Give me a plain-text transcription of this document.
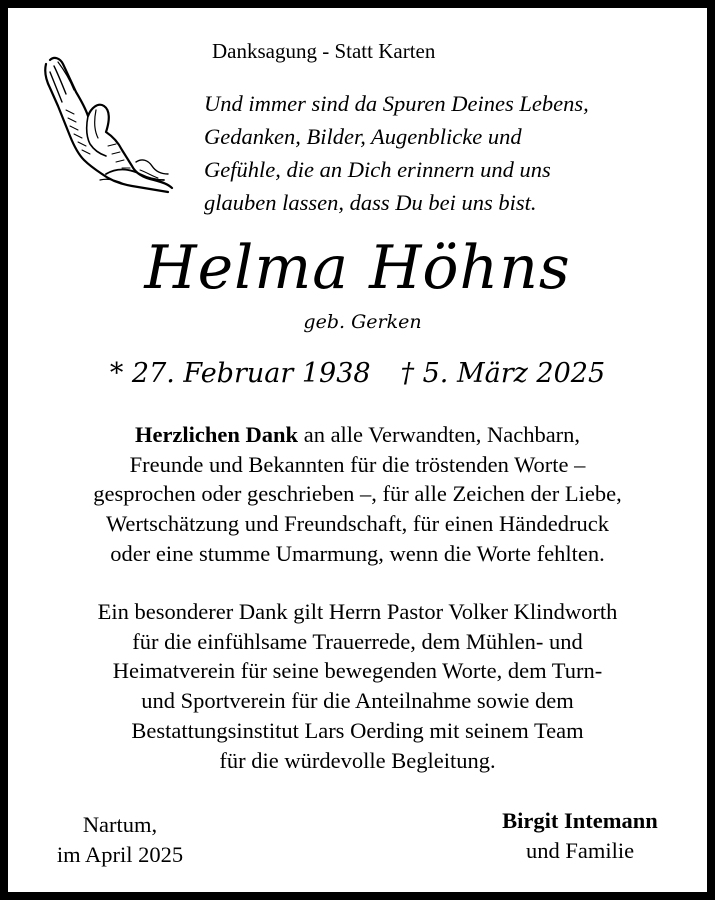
Danksagung - Statt Karten
Und immer sind da Spuren Deines Lebens,
Gedanken, Bilder, Augenblicke und
Gefühle, die an Dich erinnern und uns
glauben lassen, dass Du bei uns bist.
Helma Höhns
geb. Gerken
* 27. Februar 1938 † 5. März 2025
Herzlichen Dank an alle Verwandten, Nachbarn,
Freunde und Bekannten für die tröstenden Worte –
gesprochen oder geschrieben –, für alle Zeichen der Liebe,
Wertschätzung und Freundschaft, für einen Händedruck
oder eine stumme Umarmung, wenn die Worte fehlten.
Ein besonderer Dank gilt Herrn Pastor Volker Klindworth
für die einfühlsame Trauerrede, dem Mühlen- und
Heimatverein für seine bewegenden Worte, dem Turn-
und Sportverein für die Anteilnahme sowie dem
Bestattungsinstitut Lars Oerding mit seinem Team
für die würdevolle Begleitung.
Nartum,
im April 2025
Birgit Intemann
und Familie
